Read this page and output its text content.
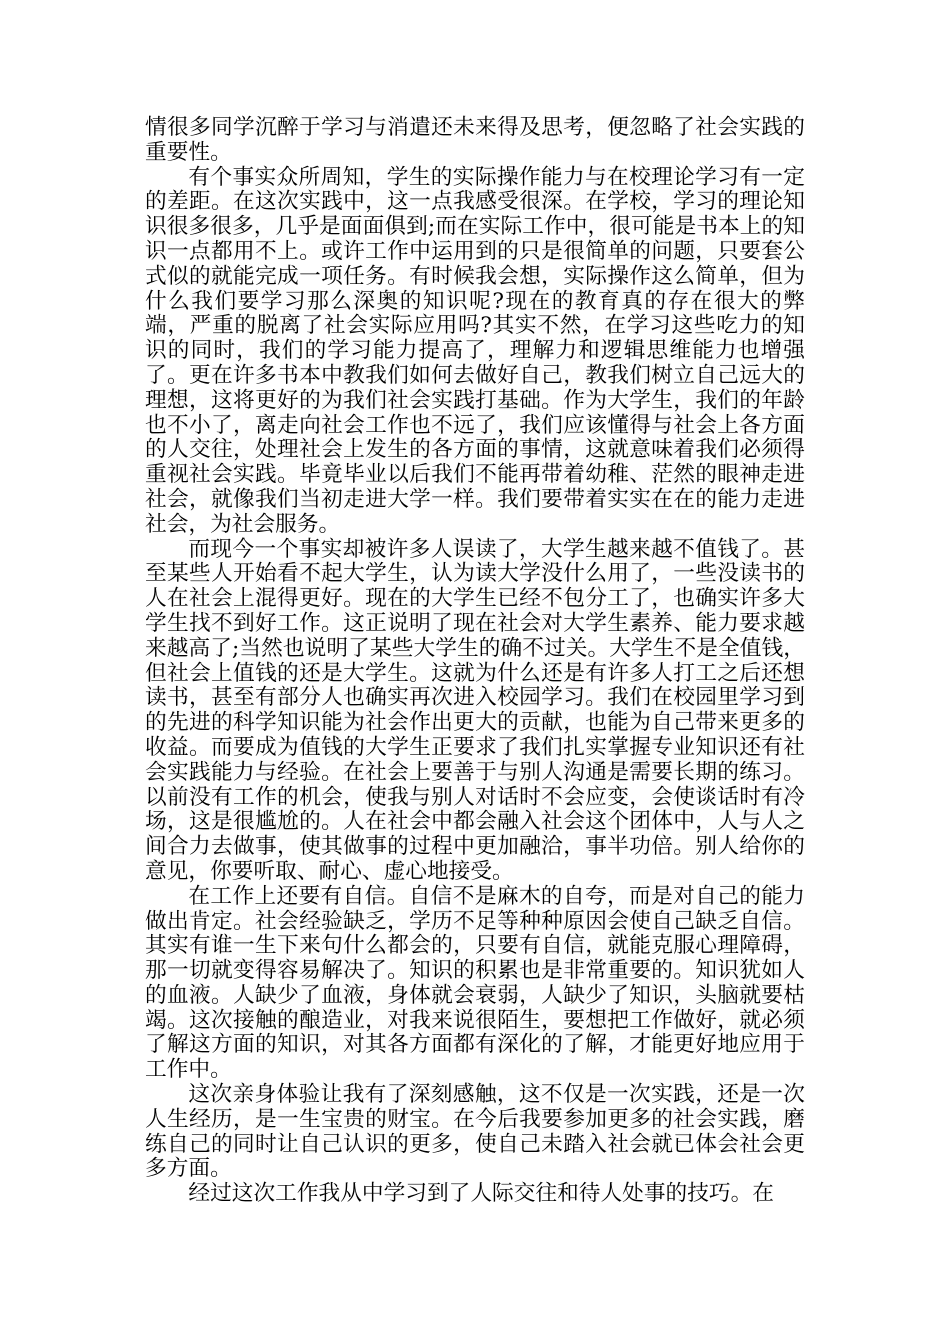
情很多同学沉醉于学习与消遣还未来得及思考，便忽略了社会实践的重要性。

有个事实众所周知，学生的实际操作能力与在校理论学习有一定的差距。在这次实践中，这一点我感受很深。在学校，学习的理论知识很多很多，几乎是面面俱到;而在实际工作中，很可能是书本上的知识一点都用不上。或许工作中运用到的只是很简单的问题，只要套公式似的就能完成一项任务。有时候我会想，实际操作这么简单，但为什么我们要学习那么深奥的知识呢?现在的教育真的存在很大的弊端，严重的脱离了社会实际应用吗?其实不然，在学习这些吃力的知识的同时，我们的学习能力提高了，理解力和逻辑思维能力也增强了。更在许多书本中教我们如何去做好自己，教我们树立自己远大的理想，这将更好的为我们社会实践打基础。作为大学生，我们的年龄也不小了，离走向社会工作也不远了，我们应该懂得与社会上各方面的人交往，处理社会上发生的各方面的事情，这就意味着我们必须得重视社会实践。毕竟毕业以后我们不能再带着幼稚、茫然的眼神走进社会，就像我们当初走进大学一样。我们要带着实实在在的能力走进社会，为社会服务。

而现今一个事实却被许多人误读了，大学生越来越不值钱了。甚至某些人开始看不起大学生，认为读大学没什么用了，一些没读书的人在社会上混得更好。现在的大学生已经不包分工了，也确实许多大学生找不到好工作。这正说明了现在社会对大学生素养、能力要求越来越高了;当然也说明了某些大学生的确不过关。大学生不是全值钱，但社会上值钱的还是大学生。这就为什么还是有许多人打工之后还想读书，甚至有部分人也确实再次进入校园学习。我们在校园里学习到的先进的科学知识能为社会作出更大的贡献，也能为自己带来更多的收益。而要成为值钱的大学生正要求了我们扎实掌握专业知识还有社会实践能力与经验。在社会上要善于与别人沟通是需要长期的练习。以前没有工作的机会，使我与别人对话时不会应变，会使谈话时有冷场，这是很尴尬的。人在社会中都会融入社会这个团体中，人与人之间合力去做事，使其做事的过程中更加融洽，事半功倍。别人给你的意见，你要听取、耐心、虚心地接受。

在工作上还要有自信。自信不是麻木的自夸，而是对自己的能力做出肯定。社会经验缺乏，学历不足等种种原因会使自己缺乏自信。其实有谁一生下来句什么都会的，只要有自信，就能克服心理障碍，那一切就变得容易解决了。知识的积累也是非常重要的。知识犹如人的血液。人缺少了血液，身体就会衰弱，人缺少了知识，头脑就要枯竭。这次接触的酿造业，对我来说很陌生，要想把工作做好，就必须了解这方面的知识，对其各方面都有深化的了解，才能更好地应用于工作中。

这次亲身体验让我有了深刻感触，这不仅是一次实践，还是一次人生经历，是一生宝贵的财宝。在今后我要参加更多的社会实践，磨练自己的同时让自己认识的更多，使自己未踏入社会就已体会社会更多方面。

经过这次工作我从中学习到了人际交往和待人处事的技巧。在
